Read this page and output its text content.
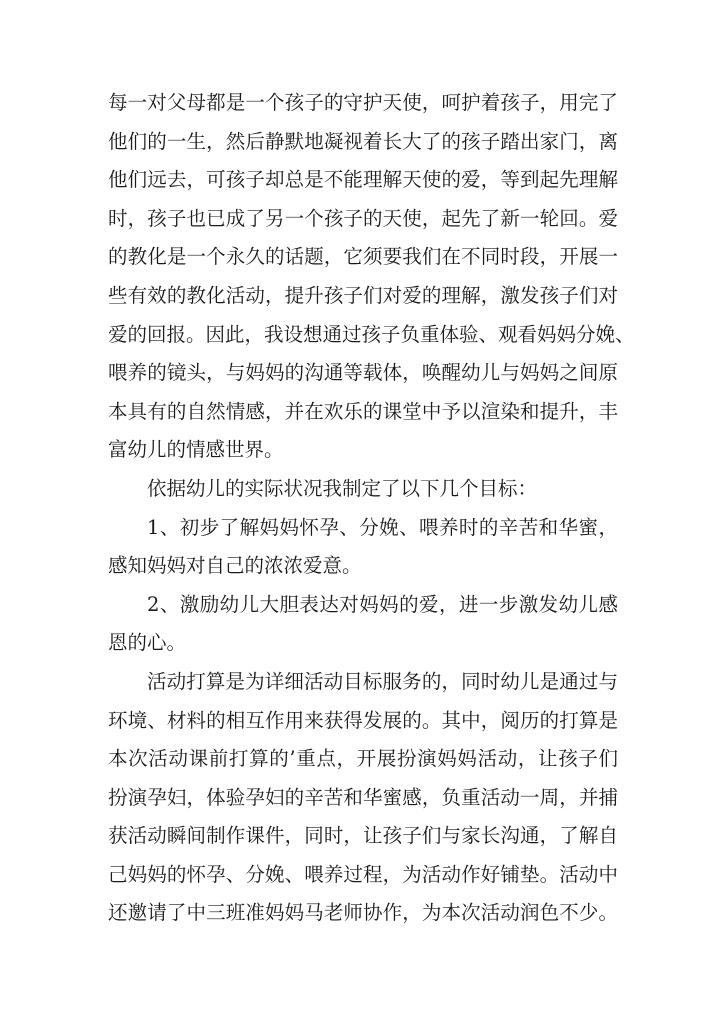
每一对父母都是一个孩子的守护天使，呵护着孩子，用完了
他们的一生，然后静默地凝视着长大了的孩子踏出家门，离
他们远去，可孩子却总是不能理解天使的爱，等到起先理解
时，孩子也已成了另一个孩子的天使，起先了新一轮回。爱
的教化是一个永久的话题，它须要我们在不同时段，开展一
些有效的教化活动，提升孩子们对爱的理解，激发孩子们对
爱的回报。因此，我设想通过孩子负重体验、观看妈妈分娩、
喂养的镜头，与妈妈的沟通等载体，唤醒幼儿与妈妈之间原
本具有的自然情感，并在欢乐的课堂中予以渲染和提升，丰
富幼儿的情感世界。
依据幼儿的实际状况我制定了以下几个目标：
1、初步了解妈妈怀孕、分娩、喂养时的辛苦和华蜜，
感知妈妈对自己的浓浓爱意。
2、激励幼儿大胆表达对妈妈的爱，进一步激发幼儿感
恩的心。
活动打算是为详细活动目标服务的，同时幼儿是通过与
环境、材料的相互作用来获得发展的。其中，阅历的打算是
本次活动课前打算的’重点，开展扮演妈妈活动，让孩子们
扮演孕妇，体验孕妇的辛苦和华蜜感，负重活动一周，并捕
获活动瞬间制作课件，同时，让孩子们与家长沟通，了解自
己妈妈的怀孕、分娩、喂养过程，为活动作好铺垫。活动中
还邀请了中三班准妈妈马老师协作，为本次活动润色不少。
